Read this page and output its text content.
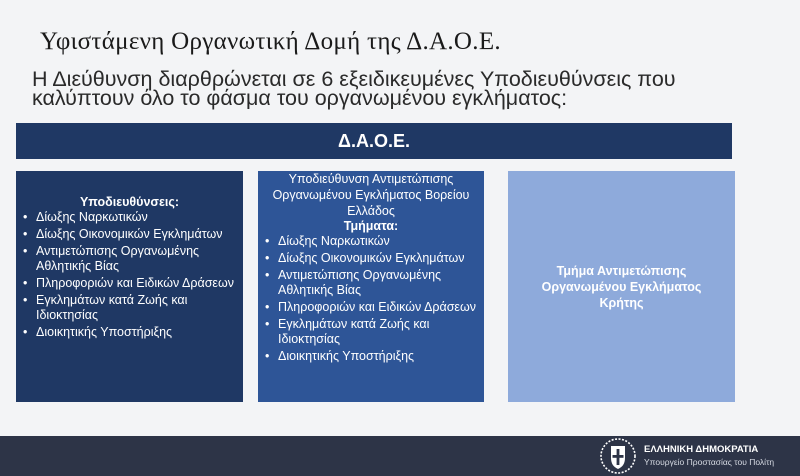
Υφιστάμενη Οργανωτική Δομή της Δ.Α.Ο.Ε.
Η Διεύθυνση διαρθρώνεται σε 6 εξειδικευμένες Υποδιευθύνσεις που καλύπτουν όλο το φάσμα του οργανωμένου εγκλήματος:
Δ.Α.Ο.Ε.
Υποδιευθύνσεις:
• Δίωξης Ναρκωτικών
• Δίωξης Οικονομικών Εγκλημάτων
• Αντιμετώπισης Οργανωμένης Αθλητικής Βίας
• Πληροφοριών και Ειδικών Δράσεων
• Εγκλημάτων κατά Ζωής και Ιδιοκτησίας
• Διοικητικής Υποστήριξης
Υποδιεύθυνση Αντιμετώπισης Οργανωμένου Εγκλήματος Βορείου Ελλάδος
Τμήματα:
• Δίωξης Ναρκωτικών
• Δίωξης Οικονομικών Εγκλημάτων
• Αντιμετώπισης Οργανωμένης Αθλητικής Βίας
• Πληροφοριών και Ειδικών Δράσεων
• Εγκλημάτων κατά Ζωής και Ιδιοκτησίας
• Διοικητικής Υποστήριξης
Τμήμα Αντιμετώπισης Οργανωμένου Εγκλήματος Κρήτης
ΕΛΛΗΝΙΚΗ ΔΗΜΟΚΡΑΤΙΑ
Υπουργείο Προστασίας του Πολίτη
